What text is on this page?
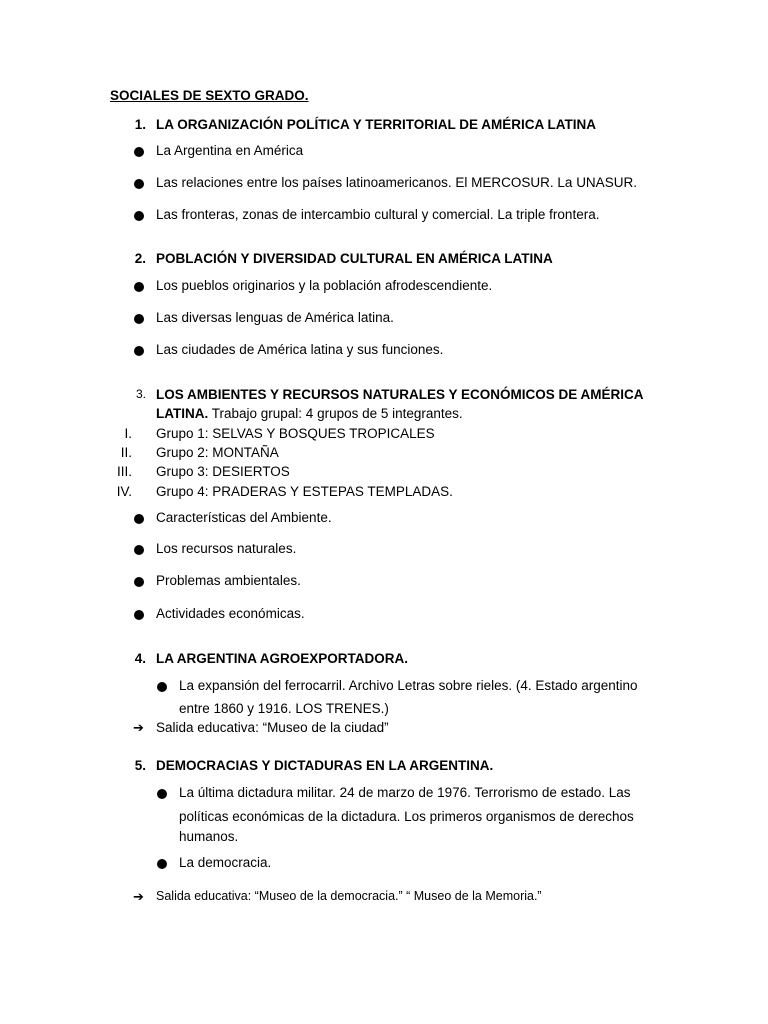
SOCIALES DE SEXTO GRADO.
1. LA ORGANIZACIÓN POLÍTICA Y TERRITORIAL DE AMÉRICA LATINA
La Argentina en América
Las relaciones entre los países latinoamericanos. El MERCOSUR. La UNASUR.
Las fronteras, zonas de intercambio cultural y comercial. La triple frontera.
2. POBLACIÓN Y DIVERSIDAD CULTURAL EN AMÉRICA LATINA
Los pueblos originarios y la población afrodescendiente.
Las diversas lenguas de América latina.
Las ciudades de América latina y sus funciones.
3. LOS AMBIENTES Y RECURSOS NATURALES Y ECONÓMICOS DE AMÉRICA
LATINA. Trabajo grupal: 4 grupos de 5 integrantes.
I. Grupo 1: SELVAS Y BOSQUES TROPICALES
II. Grupo 2: MONTAÑA
III. Grupo 3: DESIERTOS
IV. Grupo 4: PRADERAS Y ESTEPAS TEMPLADAS.
Características del Ambiente.
Los recursos naturales.
Problemas ambientales.
Actividades económicas.
4. LA ARGENTINA AGROEXPORTADORA.
La expansión del ferrocarril. Archivo Letras sobre rieles. (4. Estado argentino
entre 1860 y 1916. LOS TRENES.)
➔ Salida educativa: “Museo de la ciudad”
5. DEMOCRACIAS Y DICTADURAS EN LA ARGENTINA.
La última dictadura militar. 24 de marzo de 1976. Terrorismo de estado. Las
políticas económicas de la dictadura. Los primeros organismos de derechos
humanos.
La democracia.
➔ Salida educativa: “Museo de la democracia.” “ Museo de la Memoria.”
